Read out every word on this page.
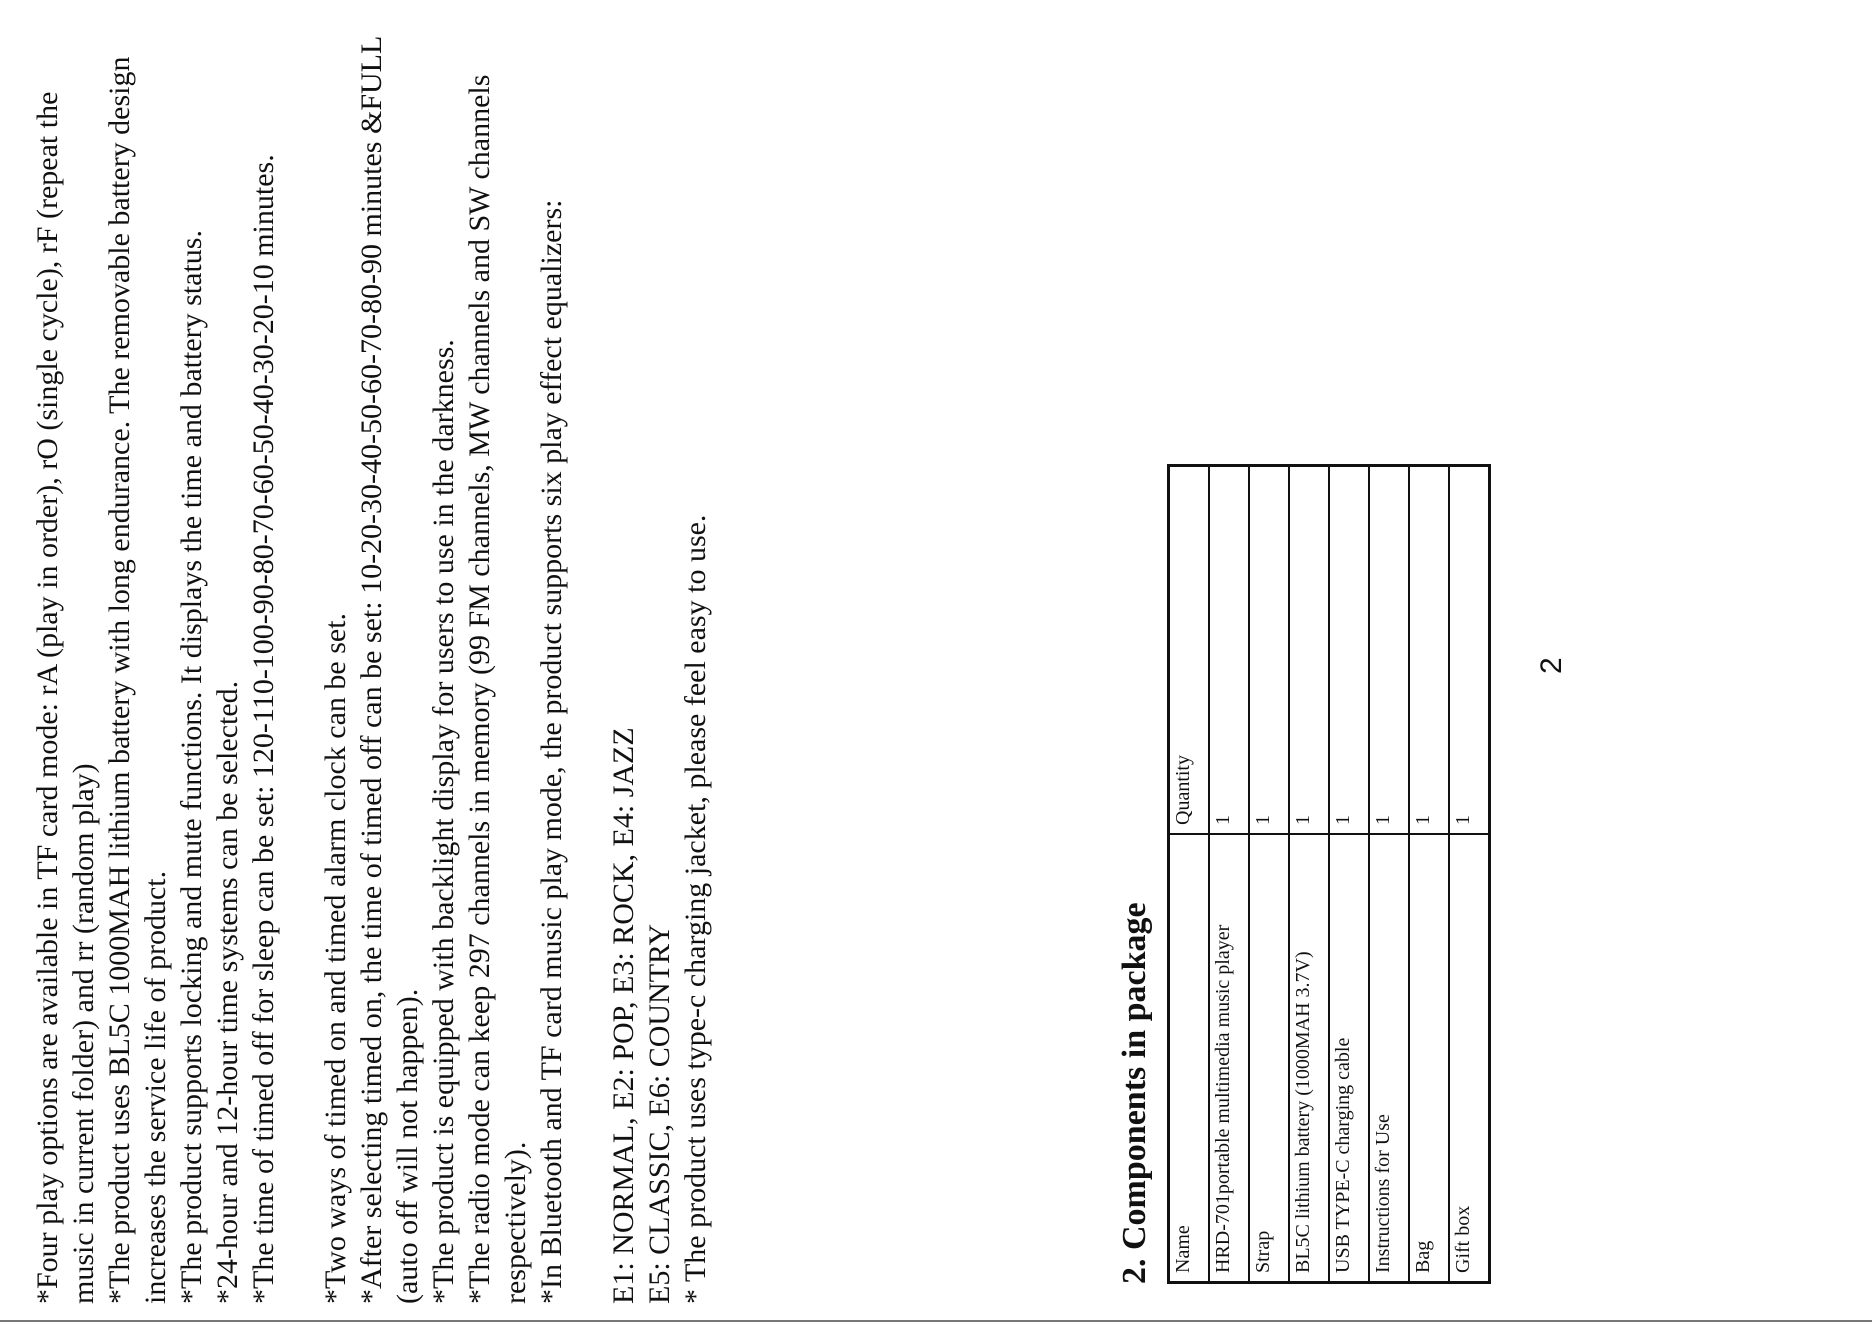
*Four play options are available in TF card mode: rA (play in order), rO (single cycle), rF (repeat the music in current folder) and rr (random play) *The product uses BL5C 1000MAH lithium battery with long endurance. The removable battery design increases the service life of product. *The product supports locking and mute functions. It displays the time and battery status. *24-hour and 12-hour time systems can be selected. *The time of timed off for sleep can be set: 120-110-100-90-80-70-60-50-40-30-20-10 minutes. *Two ways of timed on and timed alarm clock can be set. *After selecting timed on, the time of timed off can be set: 10-20-30-40-50-60-70-80-90 minutes &FULL (auto off will not happen). *The product is equipped with backlight display for users to use in the darkness. *The radio mode can keep 297 channels in memory (99 FM channels, MW channels and SW channels respectively). *In Bluetooth and TF card music play mode, the product supports six play effect equalizers: E1: NORMAL, E2: POP, E3: ROCK, E4: JAZZ E5: CLASSIC, E6: COUNTRY * The product uses type-c charging jacket, please feel easy to use.	2. Components in package Name	Quantity
HRD-701portable multimedia music player	1
Strap	1
BL5C lithium battery (1000MAH 3.7V)	1
USB TYPE-C charging cable	1
Instructions for Use	1
Bag	1
Gift box	1
2
